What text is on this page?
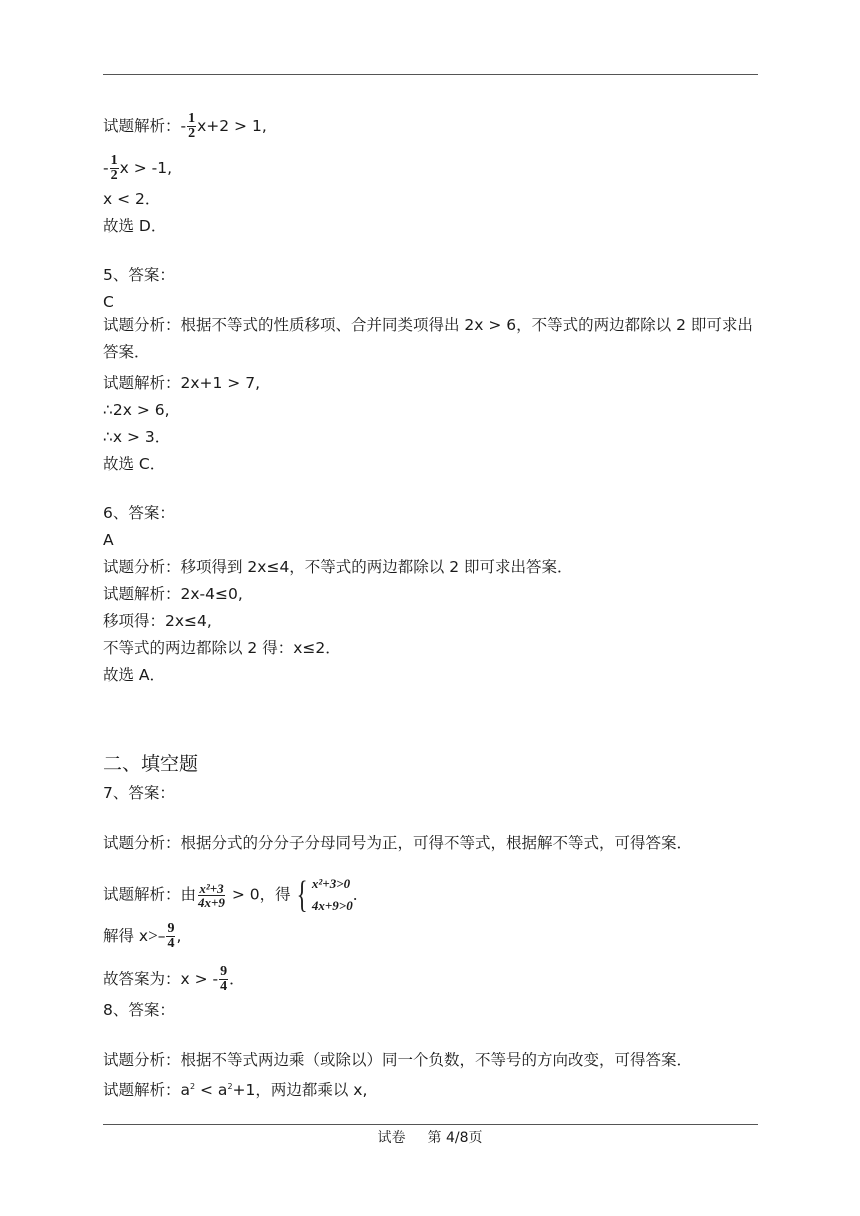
试题解析：- $\frac{1}{2} x+2 > 1$,
- $\frac{1}{2}$ x > -1,
x < 2．
故选 D．
5、答案：
C
试题分析：根据不等式的性质移项、合并同类项得出 2x > 6，不等式的两边都除以 2 即可求出答案．
试题解析：2x+1 > 7,
∴2x > 6,
∴x > 3．
故选 C．
6、答案：
A
试题分析：移项得到 2x≤4，不等式的两边都除以 2 即可求出答案．
试题解析：2x-4≤0,
移项得：2x≤4,
不等式的两边都除以 2 得：x≤2．
故选 A．
二、填空题
7、答案：
试题分析：根据分式的分分子分母同号为正，可得不等式，根据解不等式，可得答案．
试题解析：由 $\frac{\text{x²+3}}{4x+9} > 0$，得 { x²+3>0
4x+9>0
．
解得 $x>- \frac{9}{4}$ ,
故答案为：x > - $\frac{9}{4}$ ．
8、答案：
试题分析：根据不等式两边乘（或除以）同一个负数，不等号的方向改变，可得答案．
试题解析：$a^2 < a^2+1$，两边都乘以 x,
试卷 第 4/8页
